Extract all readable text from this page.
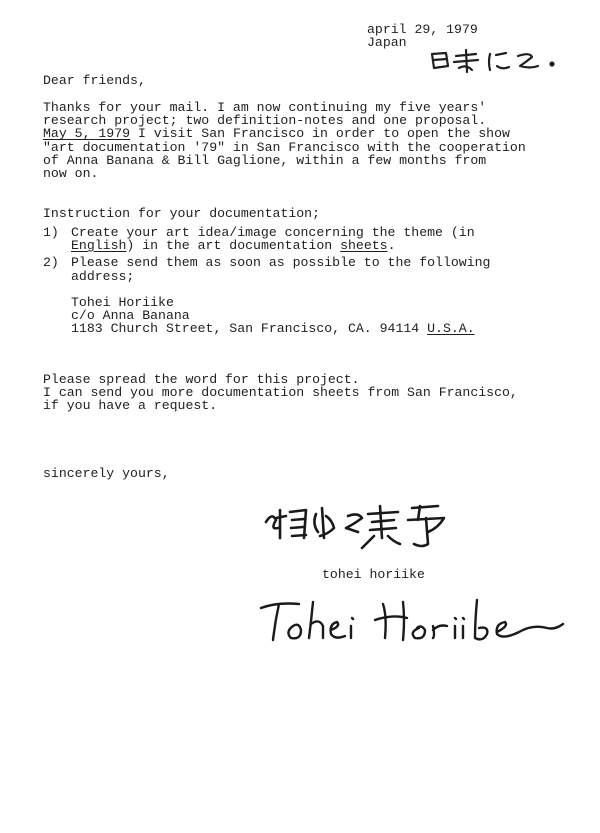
april 29, 1979
Japan
Dear friends,
Thanks for your mail. I am now continuing my five years'
research project; two definition-notes and one proposal.
May 5, 1979 I visit San Francisco in order to open the show
"art documentation '79" in San Francisco with the cooperation
of Anna Banana & Bill Gaglione, within a few months from
now on.
Instruction for your documentation;
1) Create your art idea/image concerning the theme (in
English) in the art documentation sheets.
2) Please send them as soon as possible to the following
address;
Tohei Horiike
c/o Anna Banana
1183 Church Street, San Francisco, CA. 94114 U.S.A.
Please spread the word for this project.
I can send you more documentation sheets from San Francisco,
if you have a request.
sincerely yours,
tohei horiike
